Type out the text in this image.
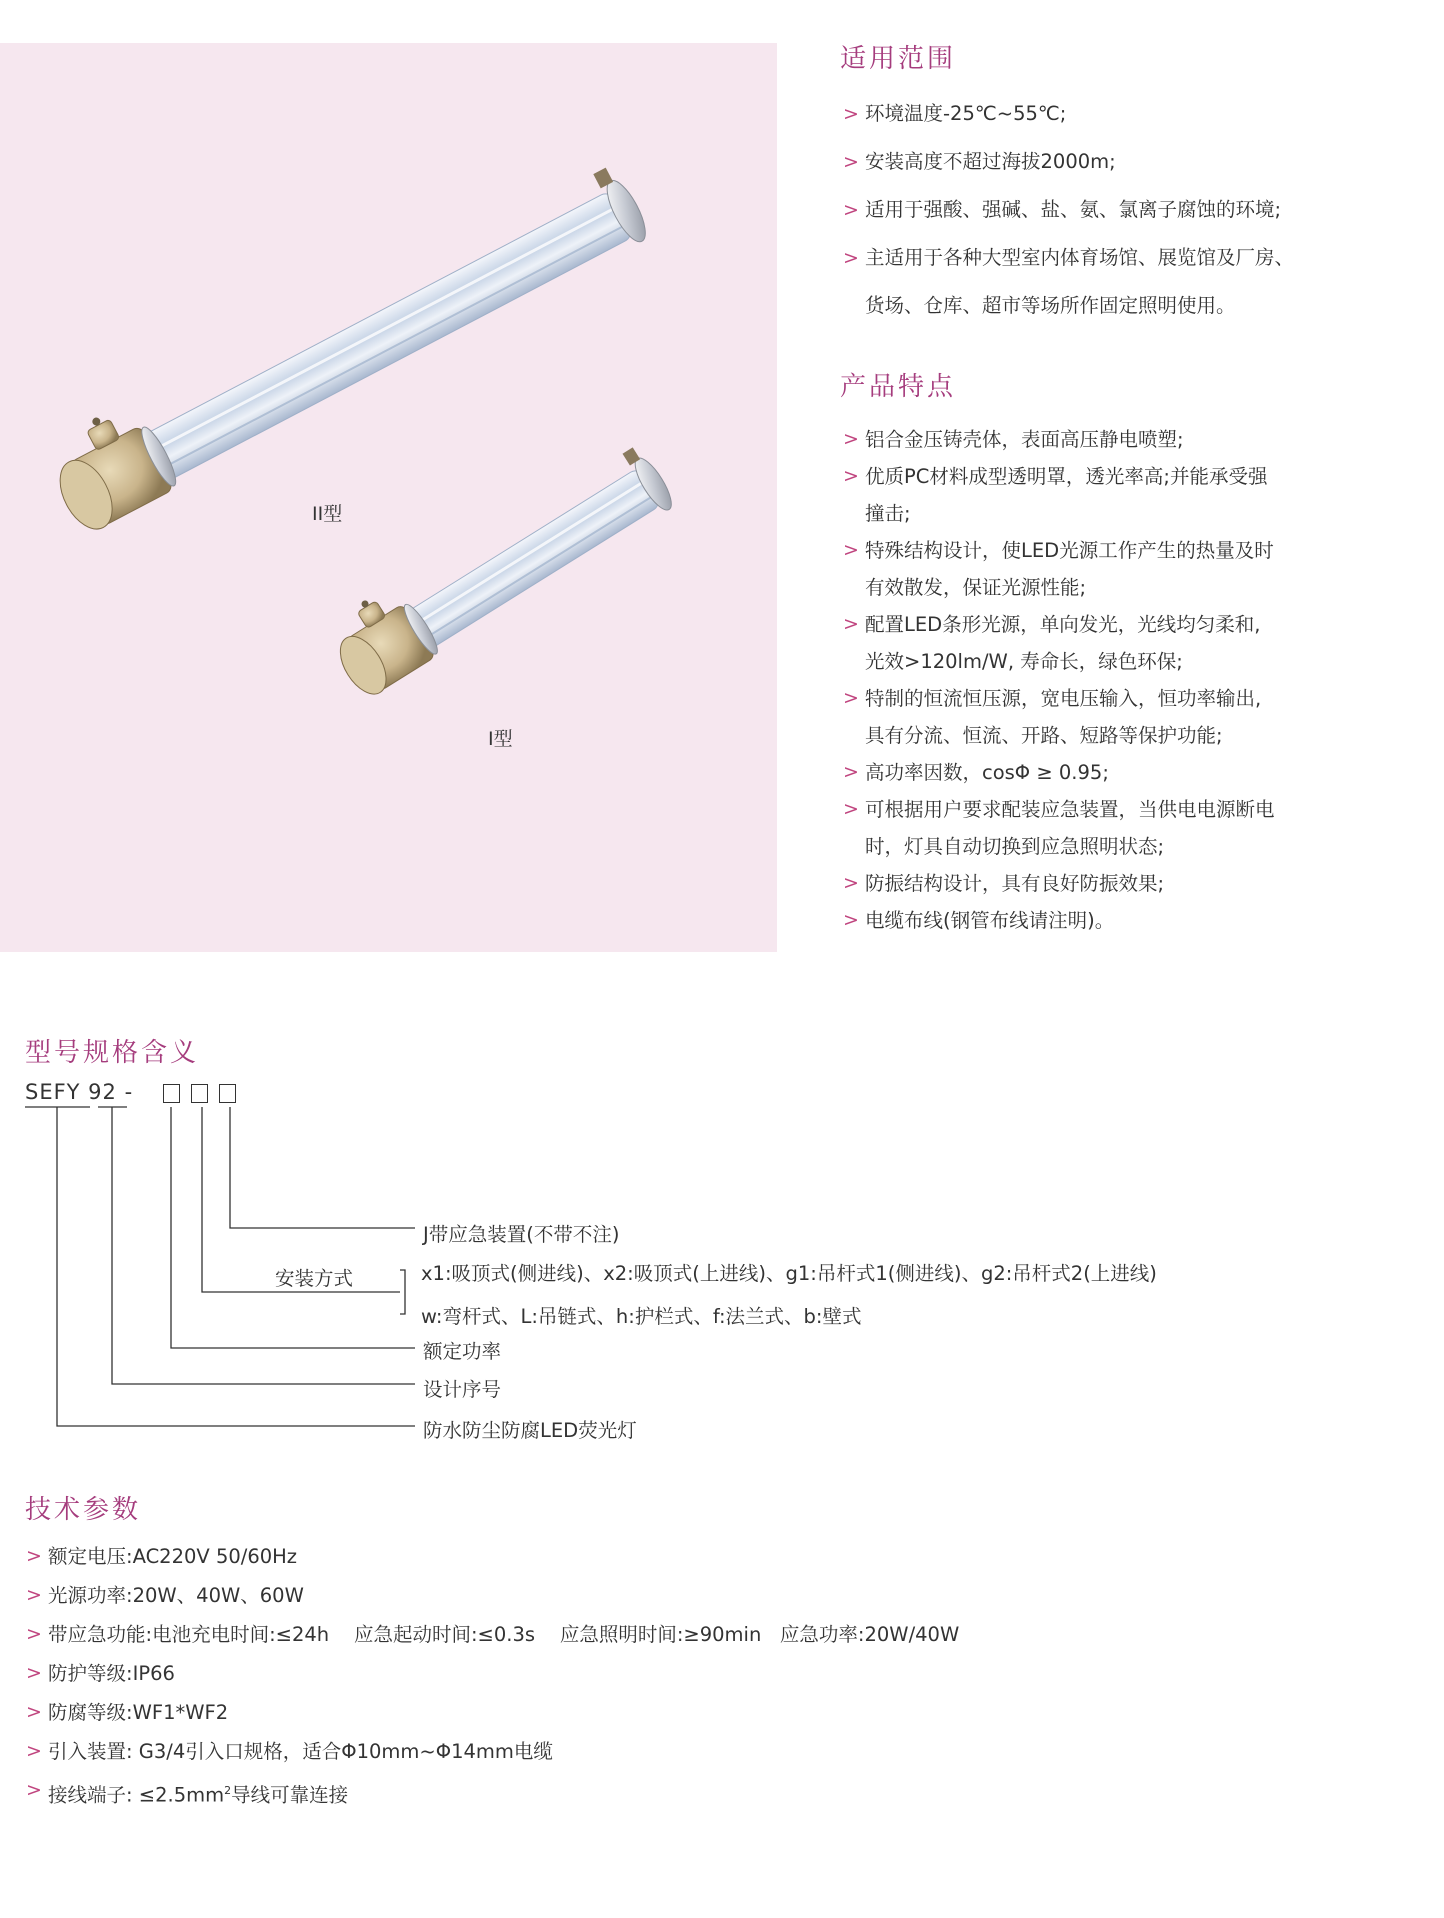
II型
I型
适用范围
> 环境温度-25℃~55℃;
> 安装高度不超过海拔2000m;
> 适用于强酸、强碱、盐、氨、氯离子腐蚀的环境;
> 主适用于各种大型室内体育场馆、展览馆及厂房、
货场、仓库、超市等场所作固定照明使用。
产品特点
> 铝合金压铸壳体，表面高压静电喷塑;
> 优质PC材料成型透明罩，透光率高;并能承受强
撞击;
> 特殊结构设计，使LED光源工作产生的热量及时
有效散发，保证光源性能;
> 配置LED条形光源，单向发光，光线均匀柔和,
光效>120lm/W, 寿命长，绿色环保;
> 特制的恒流恒压源，宽电压输入，恒功率输出,
具有分流、恒流、开路、短路等保护功能;
> 高功率因数，cosΦ ≥ 0.95;
> 可根据用户要求配装应急装置，当供电电源断电
时，灯具自动切换到应急照明状态;
> 防振结构设计，具有良好防振效果;
> 电缆布线(钢管布线请注明)。
型号规格含义
SEFY 92 -
J带应急装置(不带不注)
安装方式	x1:吸顶式(侧进线)、x2:吸顶式(上进线)、g1:吊杆式1(侧进线)、g2:吊杆式2(上进线)
w:弯杆式、L:吊链式、h:护栏式、f:法兰式、b:壁式
额定功率
设计序号
防水防尘防腐LED荧光灯
技术参数
> 额定电压:AC220V 50/60Hz
> 光源功率:20W、40W、60W
> 带应急功能:电池充电时间:≤24h    应急起动时间:≤0.3s    应急照明时间:≥90min   应急功率:20W/40W
> 防护等级:IP66
> 防腐等级:WF1*WF2
> 引入装置: G3/4引入口规格，适合Φ10mm~Φ14mm电缆
> 接线端子: $\le 2.5mm^2$导线可靠连接
